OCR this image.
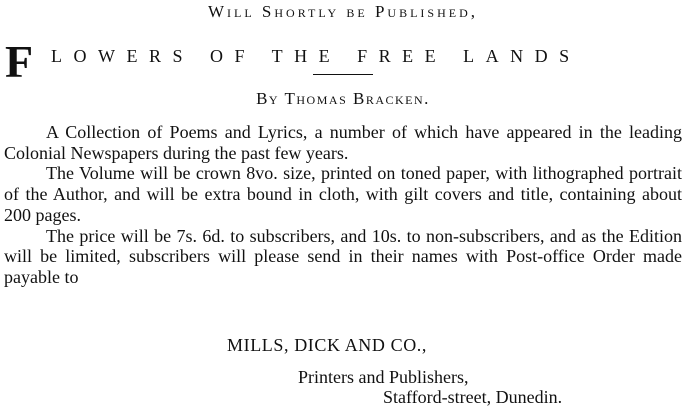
Will Shortly be Published,
F LOWERS OF THE FREE LANDS
By Thomas Bracken.

A Collection of Poems and Lyrics, a number of which have appeared in the leading Colonial Newspapers during the past few years.

The Volume will be crown 8vo. size, printed on toned paper, with lithographed portrait of the Author, and will be extra bound in cloth, with gilt covers and title, containing about 200 pages.

The price will be 7s. 6d. to subscribers, and 10s. to non-subscribers, and as the Edition will be limited, subscribers will please send in their names with Post-office Order made payable to

MILLS, DICK AND CO.,
Printers and Publishers,
Stafford-street, Dunedin.
